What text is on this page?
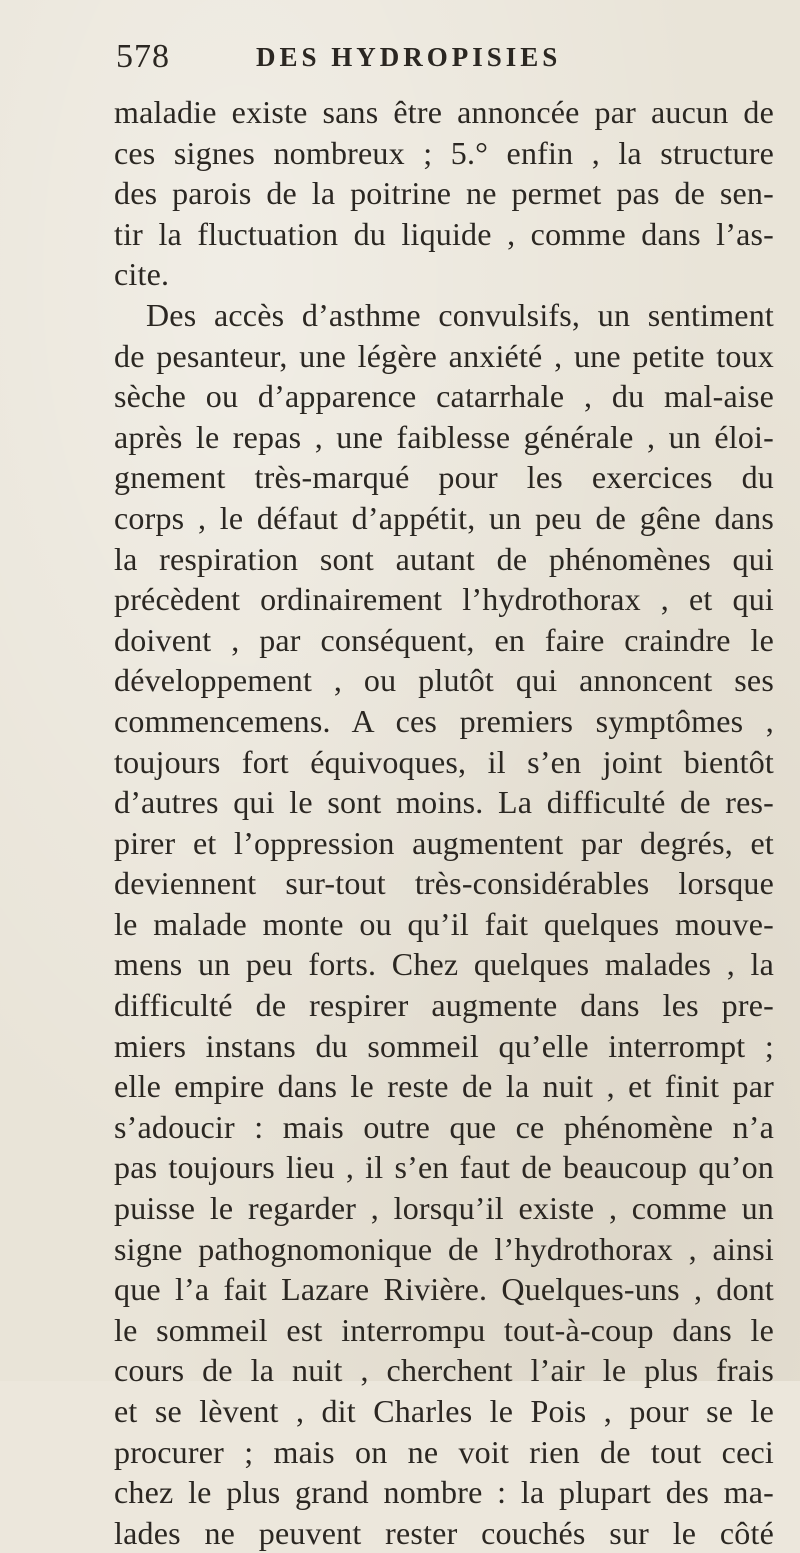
578	DES HYDROPISIES
maladie existe sans être annoncée par aucun de
ces signes nombreux ; 5.° enfin , la structure
des parois de la poitrine ne permet pas de sen-
tir la fluctuation du liquide , comme dans l’as-
cite.
Des accès d’asthme convulsifs, un sentiment
de pesanteur, une légère anxiété , une petite toux
sèche ou d’apparence catarrhale , du mal-aise
après le repas , une faiblesse générale , un éloi-
gnement très-marqué pour les exercices du
corps , le défaut d’appétit, un peu de gêne dans
la respiration sont autant de phénomènes qui
précèdent ordinairement l’hydrothorax , et qui
doivent , par conséquent, en faire craindre le
développement , ou plutôt qui annoncent ses
commencemens. A ces premiers symptômes ,
toujours fort équivoques, il s’en joint bientôt
d’autres qui le sont moins. La difficulté de res-
pirer et l’oppression augmentent par degrés, et
deviennent sur-tout très-considérables lorsque
le malade monte ou qu’il fait quelques mouve-
mens un peu forts. Chez quelques malades , la
difficulté de respirer augmente dans les pre-
miers instans du sommeil qu’elle interrompt ;
elle empire dans le reste de la nuit , et finit par
s’adoucir : mais outre que ce phénomène n’a
pas toujours lieu , il s’en faut de beaucoup qu’on
puisse le regarder , lorsqu’il existe , comme un
signe pathognomonique de l’hydrothorax , ainsi
que l’a fait Lazare Rivière. Quelques-uns , dont
le sommeil est interrompu tout-à-coup dans le
cours de la nuit , cherchent l’air le plus frais
et se lèvent , dit Charles le Pois , pour se le
procurer ; mais on ne voit rien de tout ceci
chez le plus grand nombre : la plupart des ma-
lades ne peuvent rester couchés sur le côté
